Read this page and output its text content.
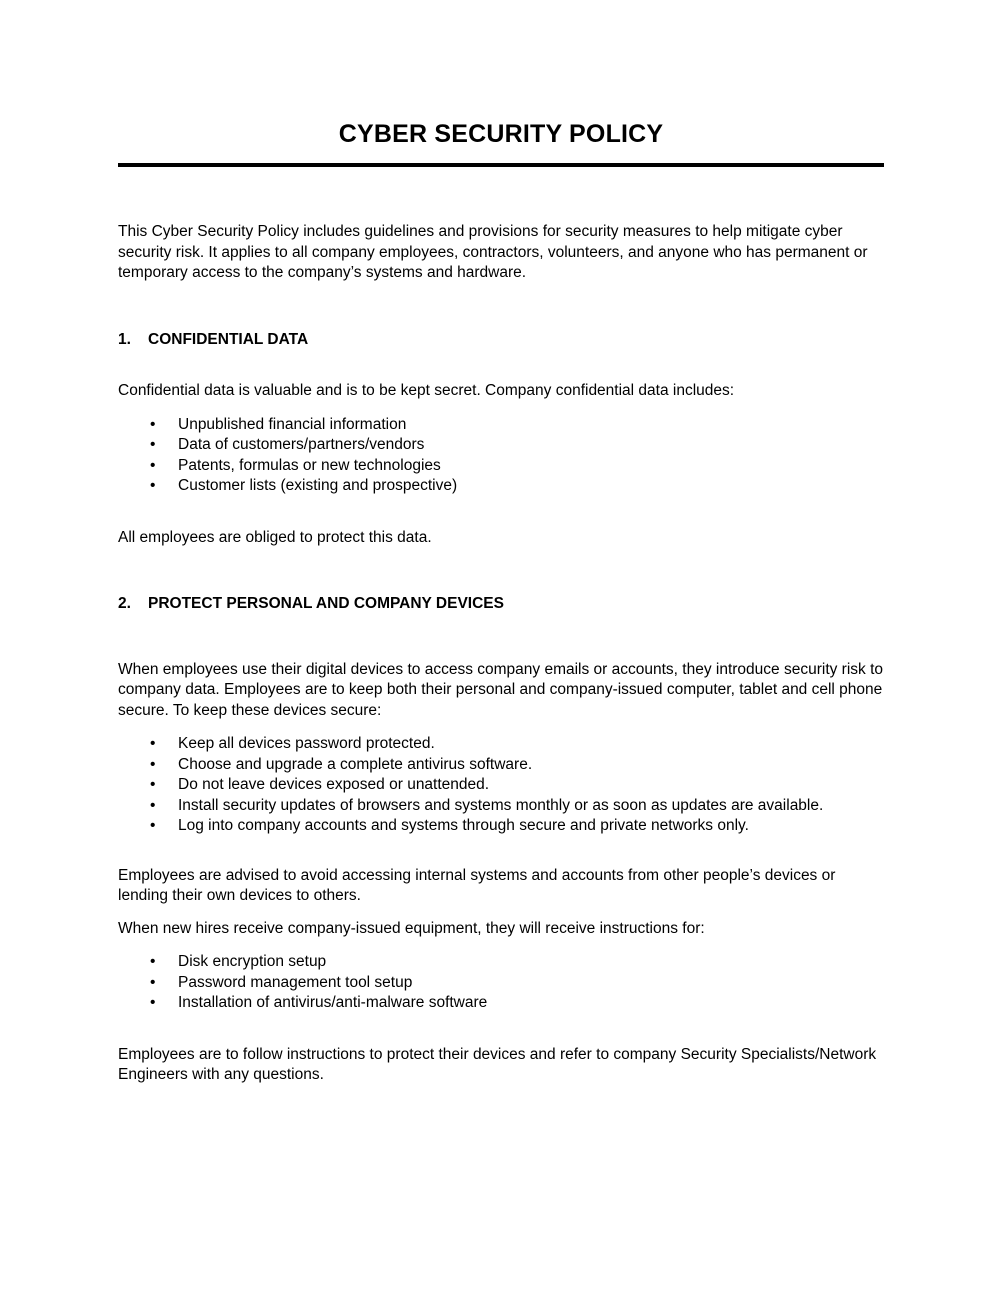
CYBER SECURITY POLICY

This Cyber Security Policy includes guidelines and provisions for security measures to help mitigate cyber security risk. It applies to all company employees, contractors, volunteers, and anyone who has permanent or temporary access to the company’s systems and hardware.

1.	CONFIDENTIAL DATA

Confidential data is valuable and is to be kept secret. Company confidential data includes:

•	Unpublished financial information
•	Data of customers/partners/vendors
•	Patents, formulas or new technologies
•	Customer lists (existing and prospective)

All employees are obliged to protect this data.

2.	PROTECT PERSONAL AND COMPANY DEVICES

When employees use their digital devices to access company emails or accounts, they introduce security risk to company data. Employees are to keep both their personal and company-issued computer, tablet and cell phone secure. To keep these devices secure:

•	Keep all devices password protected.
•	Choose and upgrade a complete antivirus software.
•	Do not leave devices exposed or unattended.
•	Install security updates of browsers and systems monthly or as soon as updates are available.
•	Log into company accounts and systems through secure and private networks only.

Employees are advised to avoid accessing internal systems and accounts from other people’s devices or lending their own devices to others.

When new hires receive company-issued equipment, they will receive instructions for:

•	Disk encryption setup
•	Password management tool setup
•	Installation of antivirus/anti-malware software

Employees are to follow instructions to protect their devices and refer to company Security Specialists/Network Engineers with any questions.
